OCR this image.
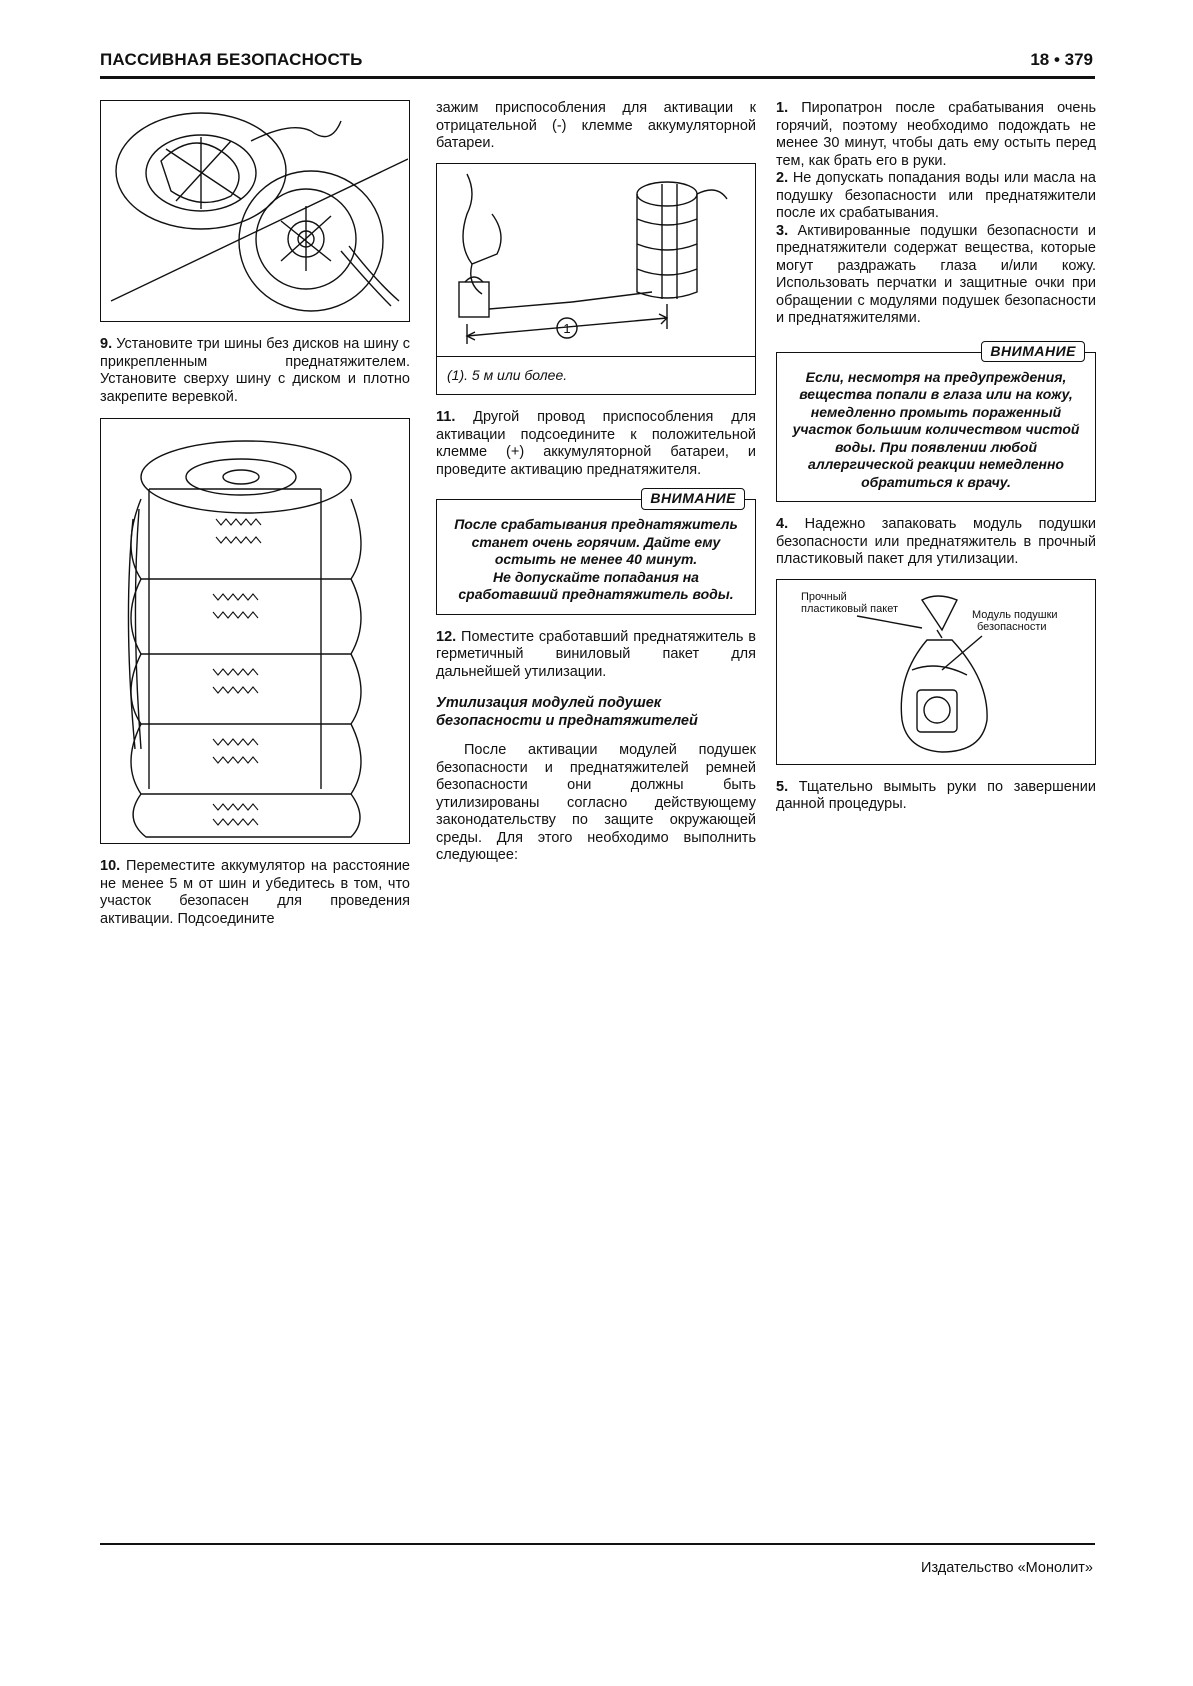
ПАССИВНАЯ БЕЗОПАСНОСТЬ	18 • 379

9. Установите три шины без дисков на шину с прикрепленным преднатяжителем. Установите сверху шину с диском и плотно закрепите веревкой.

10. Переместите аккумулятор на расстояние не менее 5 м от шин и убедитесь в том, что участок безопасен для проведения активации. Подсоедините

зажим приспособления для активации к отрицательной (-) клемме аккумуляторной батареи.

1
(1). 5 м или более.

11. Другой провод приспособления для активации подсоедините к положительной клемме (+) аккумуляторной батареи, и проведите активацию преднатяжителя.

ВНИМАНИЕ

После срабатывания преднатяжитель станет очень горячим. Дайте ему остыть не менее 40 минут.

Не допускайте попадания на сработавший преднатяжитель воды.

12. Поместите сработавший преднатяжитель в герметичный виниловый пакет для дальнейшей утилизации.

Утилизация модулей подушек безопасности и преднатяжителей

После активации модулей подушек безопасности и преднатяжителей ремней безопасности они должны быть утилизированы согласно действующему законодательству по защите окружающей среды. Для этого необходимо выполнить следующее:

1. Пиропатрон после срабатывания очень горячий, поэтому необходимо подождать не менее 30 минут, чтобы дать ему остыть перед тем, как брать его в руки.

2. Не допускать попадания воды или масла на подушку безопасности или преднатяжители после их срабатывания.

3. Активированные подушки безопасности и преднатяжители содержат вещества, которые могут раздражать глаза и/или кожу. Использовать перчатки и защитные очки при обращении с модулями подушек безопасности и преднатяжителями.

ВНИМАНИЕ

Если, несмотря на предупреждения, вещества попали в глаза или на кожу, немедленно промыть пораженный участок большим количеством чистой воды. При появлении любой аллергической реакции немедленно обратиться к врачу.

4. Надежно запаковать модуль подушки безопасности или преднатяжитель в прочный пластиковый пакет для утилизации.

Прочный
пластиковый пакет	Модуль подушки
безопасности

5. Тщательно вымыть руки по завершении данной процедуры.

Издательство «Монолит»
